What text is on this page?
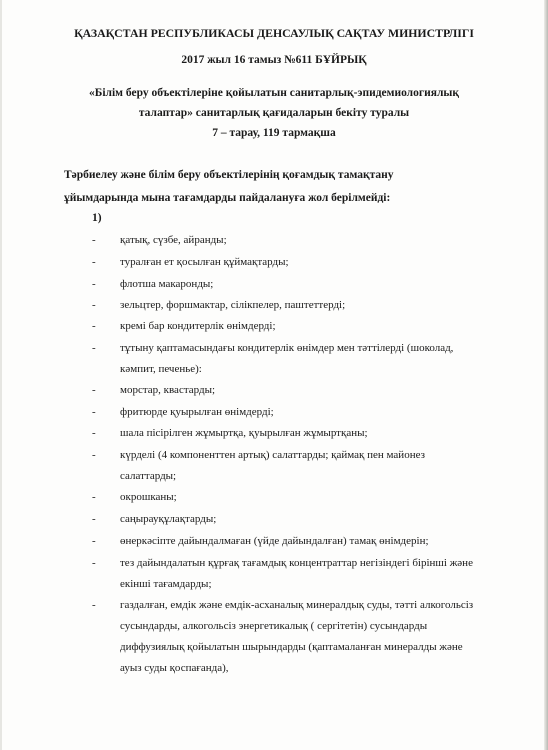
ҚАЗАҚСТАН РЕСПУБЛИКАСЫ ДЕНСАУЛЫҚ САҚТАУ МИНИСТРЛІГІ
2017 жыл 16 тамыз №611 БҰЙРЫҚ
«Білім беру объектілеріне қойылатын санитарлық-эпидемиологиялық
талаптар» санитарлық қағидаларын бекіту туралы
7 – тарау, 119 тармақша
Тәрбиелеу және білім беру объектілерінің қоғамдық тамақтану
ұйымдарында мына тағамдарды пайдалануға жол берілмейді:
1)
- қатық, сүзбе, айранды;
- туралған ет қосылған құймақтарды;
- флотша макаронды;
- зельцтер, форшмактар, сілікпелер, паштеттерді;
- кремі бар кондитерлік өнімдерді;
- тұтыну қаптамасындағы кондитерлік өнімдер мен тәттілерді (шоколад,
кәмпит, печенье):
- морстар, квастарды;
- фритюрде қуырылған өнімдерді;
- шала пісірілген жұмыртқа, қуырылған жұмыртқаны;
- күрделі (4 компоненттен артық) салаттарды; қаймақ пен майонез
салаттарды;
- окрошканы;
- саңырауқұлақтарды;
- өнеркәсіпте дайындалмаған (үйде дайындалған) тамақ өнімдерін;
- тез дайындалатын құрғақ тағамдық концентраттар негізіндегі бірінші және
екінші тағамдарды;
- газдалған, емдік және емдік-асханалық минералдық суды, тәтті алкогольсіз
сусындарды, алкогольсіз энергетикалық ( сергітетін) сусындарды
диффузиялық қойылатын шырындарды (қаптамаланған минералды және
ауыз суды қоспағанда),
